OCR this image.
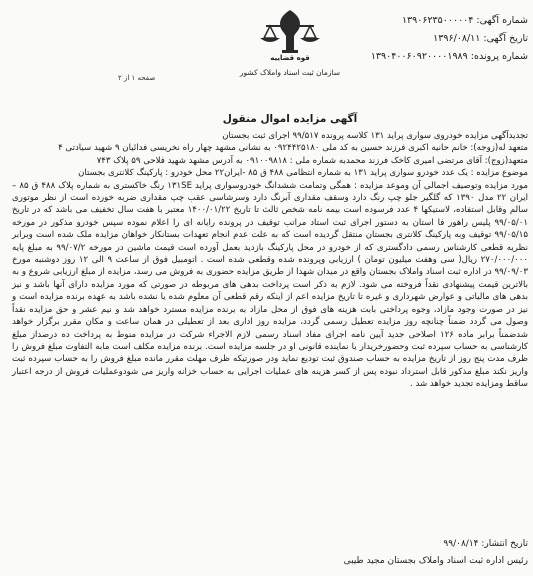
قوه قضاییه
سازمان ثبت اسناد واملاک کشور
شماره آگهی: ۱۳۹۰۶۲۳۵۰۰۰۰۰۴
تاریخ آگهی: ۱۳۹۶/۰۸/۱۱
شماره پرونده: ۱۳۹۰۴۰۰۶۰۹۲۰۰۰۰۱۹۸۹
صفحه ۱ از ۲
آگهی مزایده اموال منقول

تجدیدآگهی مزایده خودروی سواری پراید ۱۳۱ کلاسه پرونده ۹۹/۵۱۷ اجرای ثبت بجستان

متعهد له(زوجه): خانم حانیه اکبری فرزند حسین به کد ملی ۰۹۲۴۴۲۵۱۸۰ به نشانی مشهد چهار راه نخریسی فدائیان ۹ شهید سیادتی ۴

متعهد(زوج): آقای مرتضی امیری کاخک فرزند محمدبه شماره ملی : ۰۹۱۰۰۹۸۱۸ به آدرس مشهد شهید فلاحی ۵۹ پلاک ۷۴۳

موضوع مزایده : یک عدد خودرو سواری پراید ۱۳۱ به شماره انتظامی ۴۸۸ ق ۸۵ -ایران۲۲ محل خودرو : پارکینگ کلانتری بجستان

مورد مزایده وتوصیف اجمالی آن وموعد مزایده : همگی وتمامت ششدانگ خودروسواری پراید ۱۳۱SE رنگ خاکستری به شماره پلاک ۴۸۸ ق ۸۵ – ایران ۲۲ مدل ۱۳۹۰ که گلگیر جلو چپ رنگ دارد وسقف مقداری آبرنگ دارد وسرشاسی عقب چپ مقداری ضربه خورده است از نظر موتوری سالم وقابل استفاده، لاستیکها ۴ عدد فرسوده است بیمه نامه شخص ثالث تا تاریخ ۱۴۰۰/۰۱/۲۲ معتبر با هفت سال تخفیف می باشد که در تاریخ ۹۹/۰۵/۰۱ پلیس راهور فا استان به دستور اجرای ثبت استاد مراتب توقیف در پرونده رایانه ای را اعلام نموده سپس خودرو مذکور در مورخه ۹۹/۰۵/۱۵ توقیف وبه پارکینگ کلانتری بجستان منتقل گردیده است که به علت عدم انجام تعهدات بستانکار خواهان مزایده ملک شده است وبرابر نظریه قطعی کارشناس رسمی دادگستری که از خودرو در محل پارکینگ بازدید بعمل آورده است قیمت ماشین در مورخه ۹۹/۰۷/۲ به مبلغ پایه ۲۷۰/۰۰۰/۰۰۰ ریال( سی وهفت میلیون تومان ) ارزیابی وپرونده شده وقطعی شده است . اتومبیل فوق از ساعت ۹ الی ۱۲ روز دوشنبه مورخ ۹۹/۰۹/۰۳ در اداره ثبت اسناد واملاک بجستان واقع در میدان شهدا از طریق مزایده حضوری به فروش می رسد، مزایده از مبلغ ارزیابی شروع و به بالاترین قیمت پیشنهادی نقداً فروخته می شود. لازم به ذکر است پرداخت بدهی های مربوطه در صورتی که مورد مزایده دارای آنها باشد و نیز بدهی های مالیاتی و عوارض شهرداری و غیره تا تاریخ مزایده اعم از اینکه رقم قطعی آن معلوم شده یا نشده باشد به عهده برنده مزایده است و نیز در صورت وجود مازاد، وجوه پرداختی بابت هزینه های فوق از محل مازاد به برنده مزایده مسترد خواهد شد و نیم عشر و حق مزایده نقداً وصول می گردد ضمناً چنانچه روز مزایده تعطیل رسمی گردد، مزایده روز اداری بعد از تعطیلی در همان ساعت و مکان مقرر برگزار خواهد شدضمناً برابر ماده ۱۲۶ اصلاحی جدید آیین نامه اجرای مفاد اسناد رسمی لازم الاجراء شرکت در مزایده منوط به پرداخت ده درصداز مبلغ کارشناسی به حساب سپرده ثبت وحضورخریدار یا نماینده قانونی او در جلسه مزایده است. برنده مزایده مکلف است مابه التفاوت مبلغ فروش را ظرف مدت پنج روز از تاریخ مزایده به حساب صندوق ثبت تودیع نماید ودر صورتیکه ظرف مهلت مقرر مانده مبلغ فروش را به حساب سپرده ثبت واریز نکند مبلغ مذکور قابل استرداد نبوده پس از کسر هزینه های عملیات اجرایی به حساب خزانه واریز می شودوعملیات فروش از درجه اعتبار ساقط ومزایده تجدید خواهد شد .

تاریخ انتشار: ۹۹/۰۸/۱۴
رئیس اداره ثبت اسناد واملاک بجستان مجید طیبی
